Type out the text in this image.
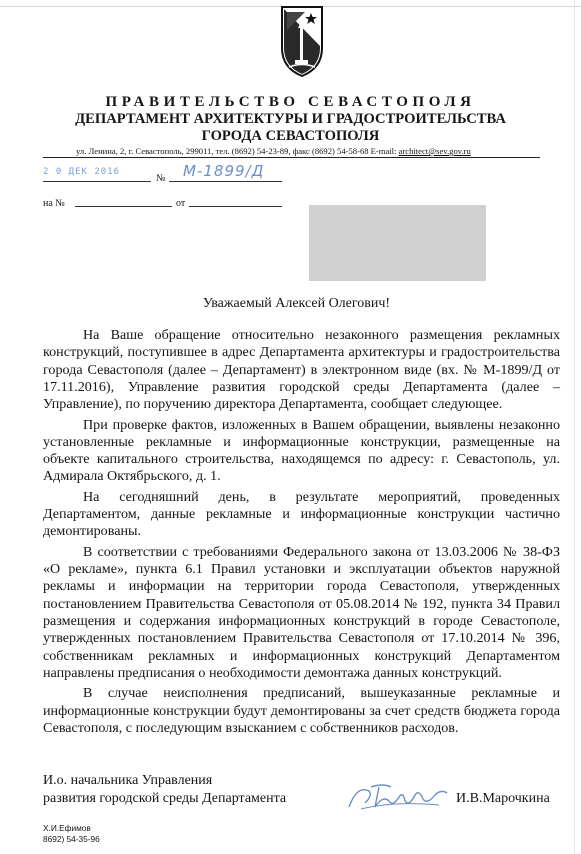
ПРАВИТЕЛЬСТВО СЕВАСТОПОЛЯ
ДЕПАРТАМЕНТ АРХИТЕКТУРЫ И ГРАДОСТРОИТЕЛЬСТВА
ГОРОДА СЕВАСТОПОЛЯ
ул. Ленина, 2, г. Севастополь, 299011, тел. (8692) 54-23-89, факс (8692) 54-58-68 E-mail: architect@sev.gov.ru
2 0 ДЕК 2016
№ М-1899/Д
на №	от
Уважаемый Алексей Олегович!

На Ваше обращение относительно незаконного размещения рекламных конструкций, поступившее в адрес Департамента архитектуры и градостроительства города Севастополя (далее – Департамент) в электронном виде (вх. № М-1899/Д от 17.11.2016), Управление развития городской среды Департамента (далее – Управление), по поручению директора Департамента, сообщает следующее.

При проверке фактов, изложенных в Вашем обращении, выявлены незаконно установленные рекламные и информационные конструкции, размещенные на объекте капитального строительства, находящемся по адресу: г. Севастополь, ул. Адмирала Октябрьского, д. 1.

На сегодняшний день, в результате мероприятий, проведенных Департаментом, данные рекламные и информационные конструкции частично демонтированы.

В соответствии с требованиями Федерального закона от 13.03.2006 № 38-ФЗ «О рекламе», пункта 6.1 Правил установки и эксплуатации объектов наружной рекламы и информации на территории города Севастополя, утвержденных постановлением Правительства Севастополя от 05.08.2014 № 192, пункта 34 Правил размещения и содержания информационных конструкций в городе Севастополе, утвержденных постановлением Правительства Севастополя от 17.10.2014 № 396, собственникам рекламных и информационных конструкций Департаментом направлены предписания о необходимости демонтажа данных конструкций.

В случае неисполнения предписаний, вышеуказанные рекламные и информационные конструкции будут демонтированы за счет средств бюджета города Севастополя, с последующим взысканием с собственников расходов.

И.о. начальника Управления
развития городской среды Департамента	И.В.Марочкина
Х.И.Ефимов
8692) 54-35-96
